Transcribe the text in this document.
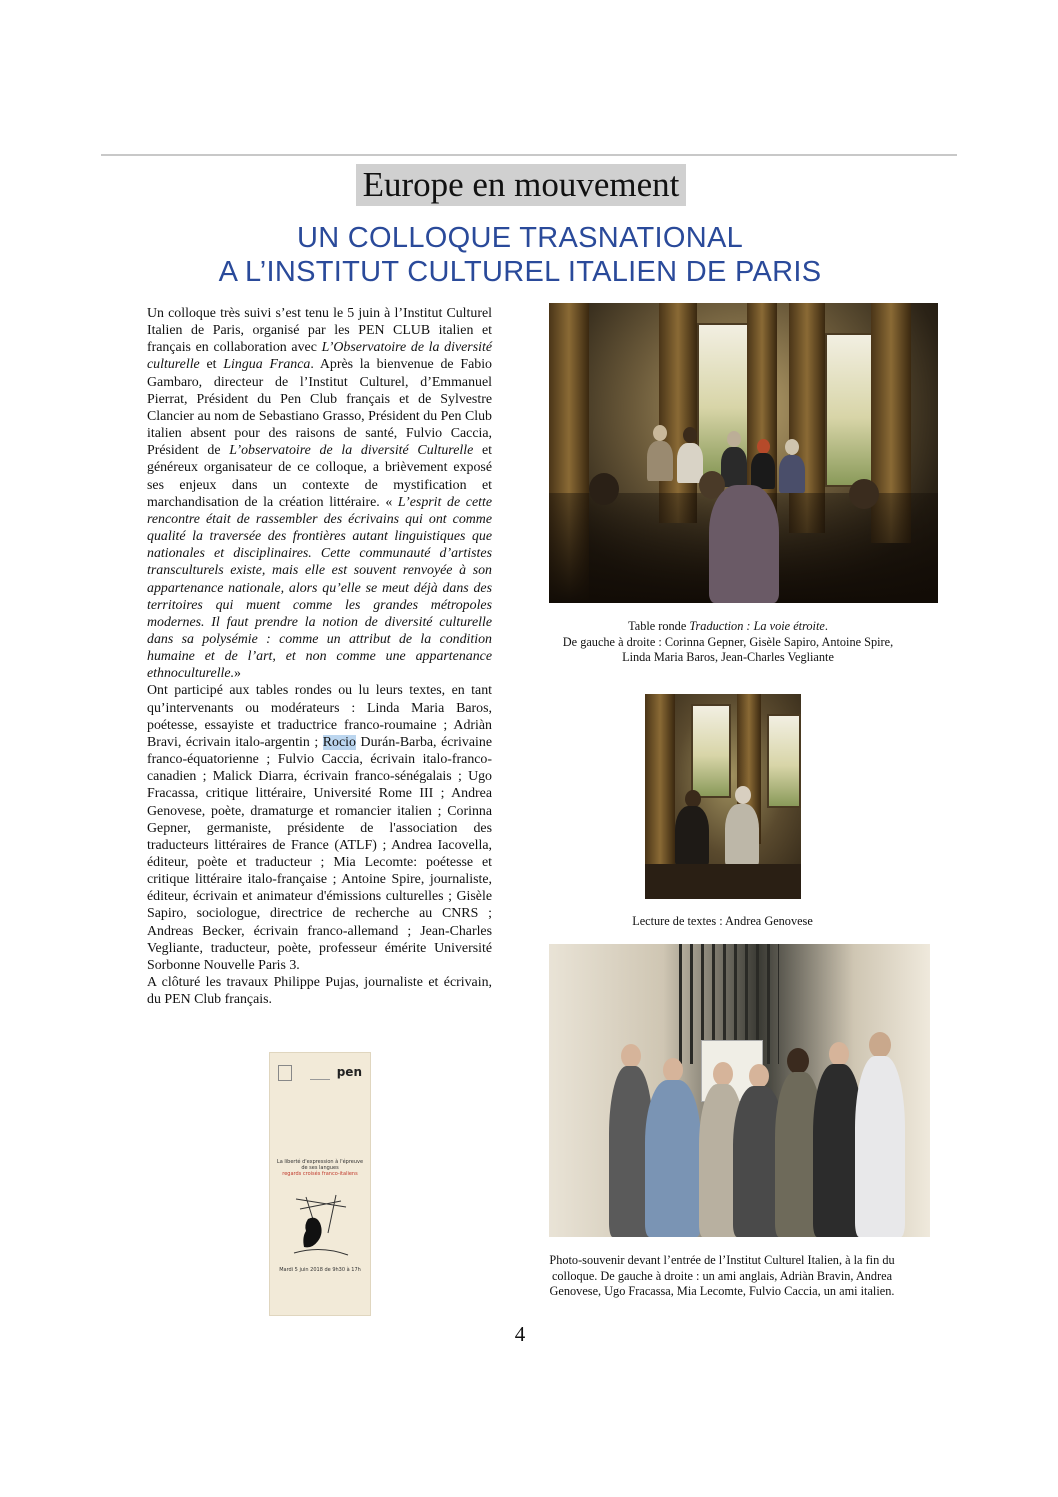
Europe en mouvement
UN COLLOQUE TRASNATIONAL
A L’INSTITUT CULTUREL ITALIEN DE PARIS

Un colloque très suivi s’est tenu le 5 juin à l’Institut Culturel Italien de Paris, organisé par les PEN CLUB italien et français en collaboration avec L’Observatoire de la diversité culturelle et Lingua Franca. Après la bienvenue de Fabio Gambaro, directeur de l’Institut Culturel, d’Emmanuel Pierrat, Président du Pen Club français et de Sylvestre Clancier au nom de Sebastiano Grasso, Président du Pen Club italien absent pour des raisons de santé, Fulvio Caccia, Président de L’observatoire de la diversité Culturelle et généreux organisateur de ce colloque, a brièvement exposé ses enjeux dans un contexte de mystification et marchandisation de la création littéraire. « L’esprit de cette rencontre était de rassembler des écrivains qui ont comme qualité la traversée des frontières autant linguistiques que nationales et disciplinaires. Cette communauté d’artistes transculturels existe, mais elle est souvent renvoyée à son appartenance nationale, alors qu’elle se meut déjà dans des territoires qui muent comme les grandes métropoles modernes. Il faut prendre la notion de diversité culturelle dans sa polysémie : comme un attribut de la condition humaine et de l’art, et non comme une appartenance ethnoculturelle.»

Ont participé aux tables rondes ou lu leurs textes, en tant qu’intervenants ou modérateurs : Linda Maria Baros, poétesse, essayiste et traductrice franco-roumaine ; Adriàn Bravi, écrivain italo-argentin ; Rocio Durán-Barba, écrivaine franco-équatorienne ; Fulvio Caccia, écrivain italo-franco-canadien ; Malick Diarra, écrivain franco-sénégalais ; Ugo Fracassa, critique littéraire, Université Rome III ; Andrea Genovese, poète, dramaturge et romancier italien ; Corinna Gepner, germaniste, présidente de l'association des traducteurs littéraires de France (ATLF) ; Andrea Iacovella, éditeur, poète et traducteur ; Mia Lecomte: poétesse et critique littéraire italo-française ; Antoine Spire, journaliste, éditeur, écrivain et animateur d'émissions culturelles ; Gisèle Sapiro, sociologue, directrice de recherche au CNRS ; Andreas Becker, écrivain franco-allemand ; Jean-Charles Vegliante, traducteur, poète, professeur émérite Université Sorbonne Nouvelle Paris 3.

A clôturé les travaux Philippe Pujas, journaliste et écrivain, du PEN Club français.

Table ronde Traduction : La voie étroite.
De gauche à droite : Corinna Gepner, Gisèle Sapiro, Antoine Spire, Linda Maria Baros, Jean-Charles Vegliante
Lecture de textes : Andrea Genovese
Photo-souvenir devant l’entrée de l’Institut Culturel Italien, à la fin du colloque. De gauche à droite : un ami anglais, Adriàn Bravin, Andrea Genovese, Ugo Fracassa, Mia Lecomte, Fulvio Caccia, un ami italien.
pen
La liberté d'expression à l'épreuve de ses langues
regards croisés franco-italiens
Mardi 5 juin 2018 de 9h30 à 17h
4
